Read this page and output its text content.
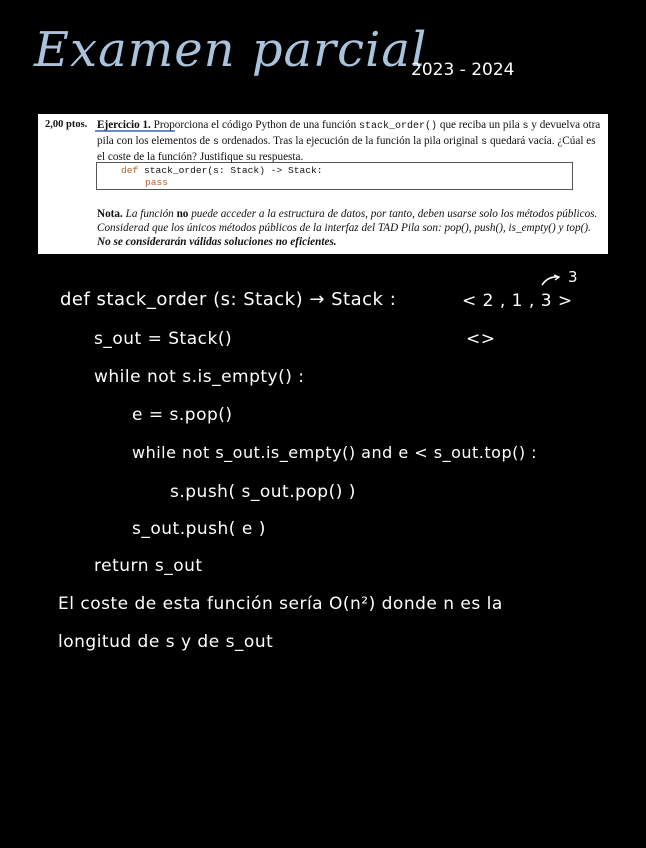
Examen parcial
2023 - 2024
2,00 ptos. Ejercicio 1. Proporciona el código Python de una función stack_order() que reciba un pila s y devuelva otra pila con los elementos de s ordenados. Tras la ejecución de la función la pila original s quedará vacía. ¿Cúal es el coste de la función? Justifique su respuesta.
def stack_order(s: Stack) -> Stack:
pass
Nota. La función no puede acceder a la estructura de datos, por tanto, deben usarse solo los métodos públicos. Considerad que los únicos métodos públicos de la interfaz del TAD Pila son: pop(), push(), is_empty() y top(). No se considerarán válidas soluciones no eficientes.
def stack_order (s: Stack) → Stack :	< 2 , 1 , 3 >
3
s_out = Stack()	<>
while not s.is_empty() :
e = s.pop()
while not s_out.is_empty() and e < s_out.top() :
s.push( s_out.pop() )
s_out.push( e )
return s_out
El coste de esta función sería O(n²) donde n es la
longitud de s y de s_out
